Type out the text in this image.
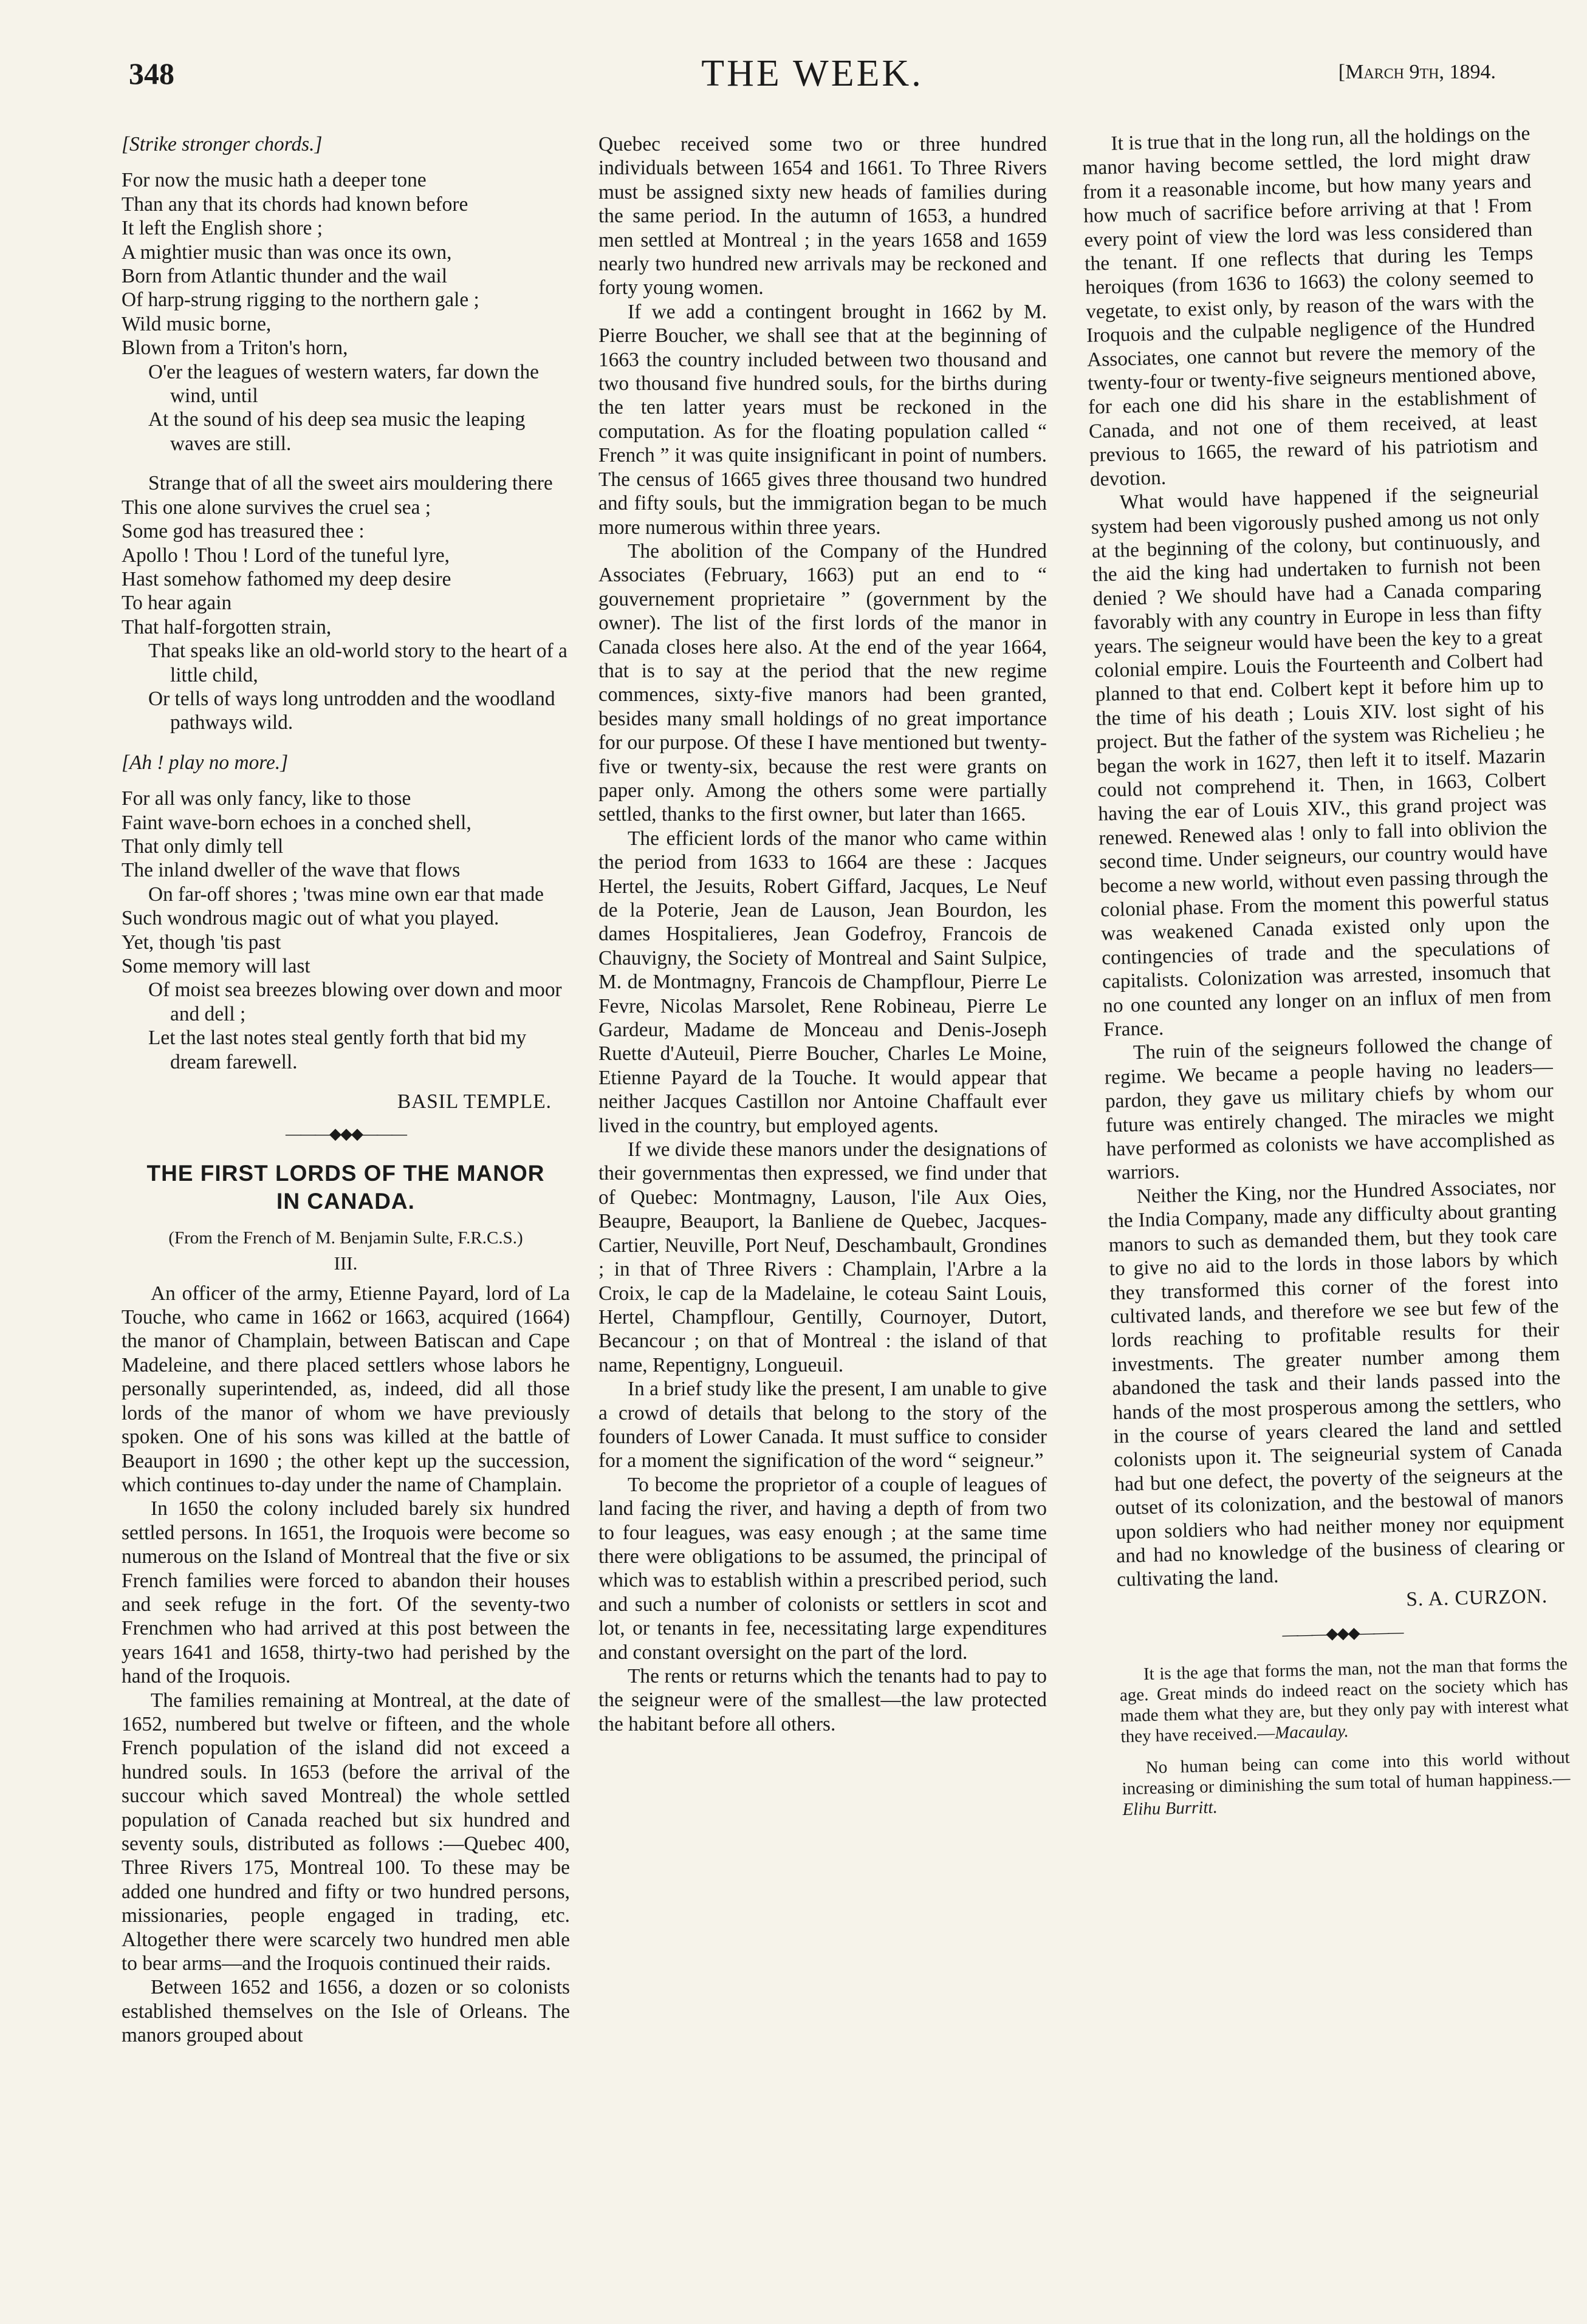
348	THE WEEK.	[March 9th, 1894.
[Strike stronger chords.]
For now the music hath a deeper tone
Than any that its chords had known before
It left the English shore ;
A mightier music than was once its own,
Born from Atlantic thunder and the wail
Of harp-strung rigging to the northern gale ;
Wild music borne,
Blown from a Triton's horn,
O'er the leagues of western waters, far down the wind, until
At the sound of his deep sea music the leaping waves are still.
Strange that of all the sweet airs mouldering there
This one alone survives the cruel sea ;
Some god has treasured thee :
Apollo ! Thou ! Lord of the tuneful lyre,
Hast somehow fathomed my deep desire
To hear again
That half-forgotten strain,
That speaks like an old-world story to the heart of a little child,
Or tells of ways long untrodden and the woodland pathways wild.
[Ah ! play no more.]
For all was only fancy, like to those
Faint wave-born echoes in a conched shell,
That only dimly tell
The inland dweller of the wave that flows
On far-off shores ; 'twas mine own ear that made
Such wondrous magic out of what you played.
Yet, though 'tis past
Some memory will last
Of moist sea breezes blowing over down and moor and dell ;
Let the last notes steal gently forth that bid my dream farewell.
BASIL TEMPLE.
———◆◆◆———
THE FIRST LORDS OF THE MANOR IN CANADA.
(From the French of M. Benjamin Sulte, F.R.C.S.)
III.

An officer of the army, Etienne Payard, lord of La Touche, who came in 1662 or 1663, acquired (1664) the manor of Champlain, between Batiscan and Cape Madeleine, and there placed settlers whose labors he personally superintended, as, indeed, did all those lords of the manor of whom we have previously spoken. One of his sons was killed at the battle of Beauport in 1690 ; the other kept up the succession, which continues to-day under the name of Champlain.

In 1650 the colony included barely six hundred settled persons. In 1651, the Iroquois were become so numerous on the Island of Montreal that the five or six French families were forced to abandon their houses and seek refuge in the fort. Of the seventy-two Frenchmen who had arrived at this post between the years 1641 and 1658, thirty-two had perished by the hand of the Iroquois.

The families remaining at Montreal, at the date of 1652, numbered but twelve or fifteen, and the whole French population of the island did not exceed a hundred souls. In 1653 (before the arrival of the succour which saved Montreal) the whole settled population of Canada reached but six hundred and seventy souls, distributed as follows :—Quebec 400, Three Rivers 175, Montreal 100. To these may be added one hundred and fifty or two hundred persons, missionaries, people engaged in trading, etc. Altogether there were scarcely two hundred men able to bear arms—and the Iroquois continued their raids.

Between 1652 and 1656, a dozen or so colonists established themselves on the Isle of Orleans. The manors grouped about

Quebec received some two or three hundred individuals between 1654 and 1661. To Three Rivers must be assigned sixty new heads of families during the same period. In the autumn of 1653, a hundred men settled at Montreal ; in the years 1658 and 1659 nearly two hundred new arrivals may be reckoned and forty young women.

If we add a contingent brought in 1662 by M. Pierre Boucher, we shall see that at the beginning of 1663 the country included between two thousand and two thousand five hundred souls, for the births during the ten latter years must be reckoned in the computation. As for the floating population called “ French ” it was quite insignificant in point of numbers. The census of 1665 gives three thousand two hundred and fifty souls, but the immigration began to be much more numerous within three years.

The abolition of the Company of the Hundred Associates (February, 1663) put an end to “ gouvernement proprietaire ” (government by the owner). The list of the first lords of the manor in Canada closes here also. At the end of the year 1664, that is to say at the period that the new regime commences, sixty-five manors had been granted, besides many small holdings of no great importance for our purpose. Of these I have mentioned but twenty-five or twenty-six, because the rest were grants on paper only. Among the others some were partially settled, thanks to the first owner, but later than 1665.

The efficient lords of the manor who came within the period from 1633 to 1664 are these : Jacques Hertel, the Jesuits, Robert Giffard, Jacques, Le Neuf de la Poterie, Jean de Lauson, Jean Bourdon, les dames Hospitalieres, Jean Godefroy, Francois de Chauvigny, the Society of Montreal and Saint Sulpice, M. de Montmagny, Francois de Champflour, Pierre Le Fevre, Nicolas Marsolet, Rene Robineau, Pierre Le Gardeur, Madame de Monceau and Denis-Joseph Ruette d'Auteuil, Pierre Boucher, Charles Le Moine, Etienne Payard de la Touche. It would appear that neither Jacques Castillon nor Antoine Chaffault ever lived in the country, but employed agents.

If we divide these manors under the designations of their governmentas then expressed, we find under that of Quebec: Montmagny, Lauson, l'ile Aux Oies, Beaupre, Beauport, la Banliene de Quebec, Jacques-Cartier, Neuville, Port Neuf, Deschambault, Grondines ; in that of Three Rivers : Champlain, l'Arbre a la Croix, le cap de la Madelaine, le coteau Saint Louis, Hertel, Champflour, Gentilly, Cournoyer, Dutort, Becancour ; on that of Montreal : the island of that name, Repentigny, Longueuil.

In a brief study like the present, I am unable to give a crowd of details that belong to the story of the founders of Lower Canada. It must suffice to consider for a moment the signification of the word “ seigneur.”

To become the proprietor of a couple of leagues of land facing the river, and having a depth of from two to four leagues, was easy enough ; at the same time there were obligations to be assumed, the principal of which was to establish within a prescribed period, such and such a number of colonists or settlers in scot and lot, or tenants in fee, necessitating large expenditures and constant oversight on the part of the lord.

The rents or returns which the tenants had to pay to the seigneur were of the smallest—the law protected the habitant before all others.

It is true that in the long run, all the holdings on the manor having become settled, the lord might draw from it a reasonable income, but how many years and how much of sacrifice before arriving at that ! From every point of view the lord was less considered than the tenant. If one reflects that during les Temps heroiques (from 1636 to 1663) the colony seemed to vegetate, to exist only, by reason of the wars with the Iroquois and the culpable negligence of the Hundred Associates, one cannot but revere the memory of the twenty-four or twenty-five seigneurs mentioned above, for each one did his share in the establishment of Canada, and not one of them received, at least previous to 1665, the reward of his patriotism and devotion.

What would have happened if the seigneurial system had been vigorously pushed among us not only at the beginning of the colony, but continuously, and the aid the king had undertaken to furnish not been denied ? We should have had a Canada comparing favorably with any country in Europe in less than fifty years. The seigneur would have been the key to a great colonial empire. Louis the Fourteenth and Colbert had planned to that end. Colbert kept it before him up to the time of his death ; Louis XIV. lost sight of his project. But the father of the system was Richelieu ; he began the work in 1627, then left it to itself. Mazarin could not comprehend it. Then, in 1663, Colbert having the ear of Louis XIV., this grand project was renewed. Renewed alas ! only to fall into oblivion the second time. Under seigneurs, our country would have become a new world, without even passing through the colonial phase. From the moment this powerful status was weakened Canada existed only upon the contingencies of trade and the speculations of capitalists. Colonization was arrested, insomuch that no one counted any longer on an influx of men from France.

The ruin of the seigneurs followed the change of regime. We became a people having no leaders—pardon, they gave us military chiefs by whom our future was entirely changed. The miracles we might have performed as colonists we have accomplished as warriors.

Neither the King, nor the Hundred Associates, nor the India Company, made any difficulty about granting manors to such as demanded them, but they took care to give no aid to the lords in those labors by which they transformed this corner of the forest into cultivated lands, and therefore we see but few of the lords reaching to profitable results for their investments. The greater number among them abandoned the task and their lands passed into the hands of the most prosperous among the settlers, who in the course of years cleared the land and settled colonists upon it. The seigneurial system of Canada had but one defect, the poverty of the seigneurs at the outset of its colonization, and the bestowal of manors upon soldiers who had neither money nor equipment and had no knowledge of the business of clearing or cultivating the land.

S. A. CURZON.
———◆◆◆———
It is the age that forms the man, not the man that forms the age. Great minds do indeed react on the society which has made them what they are, but they only pay with interest what they have received.—Macaulay.
No human being can come into this world without increasing or diminishing the sum total of human happiness.—Elihu Burritt.
